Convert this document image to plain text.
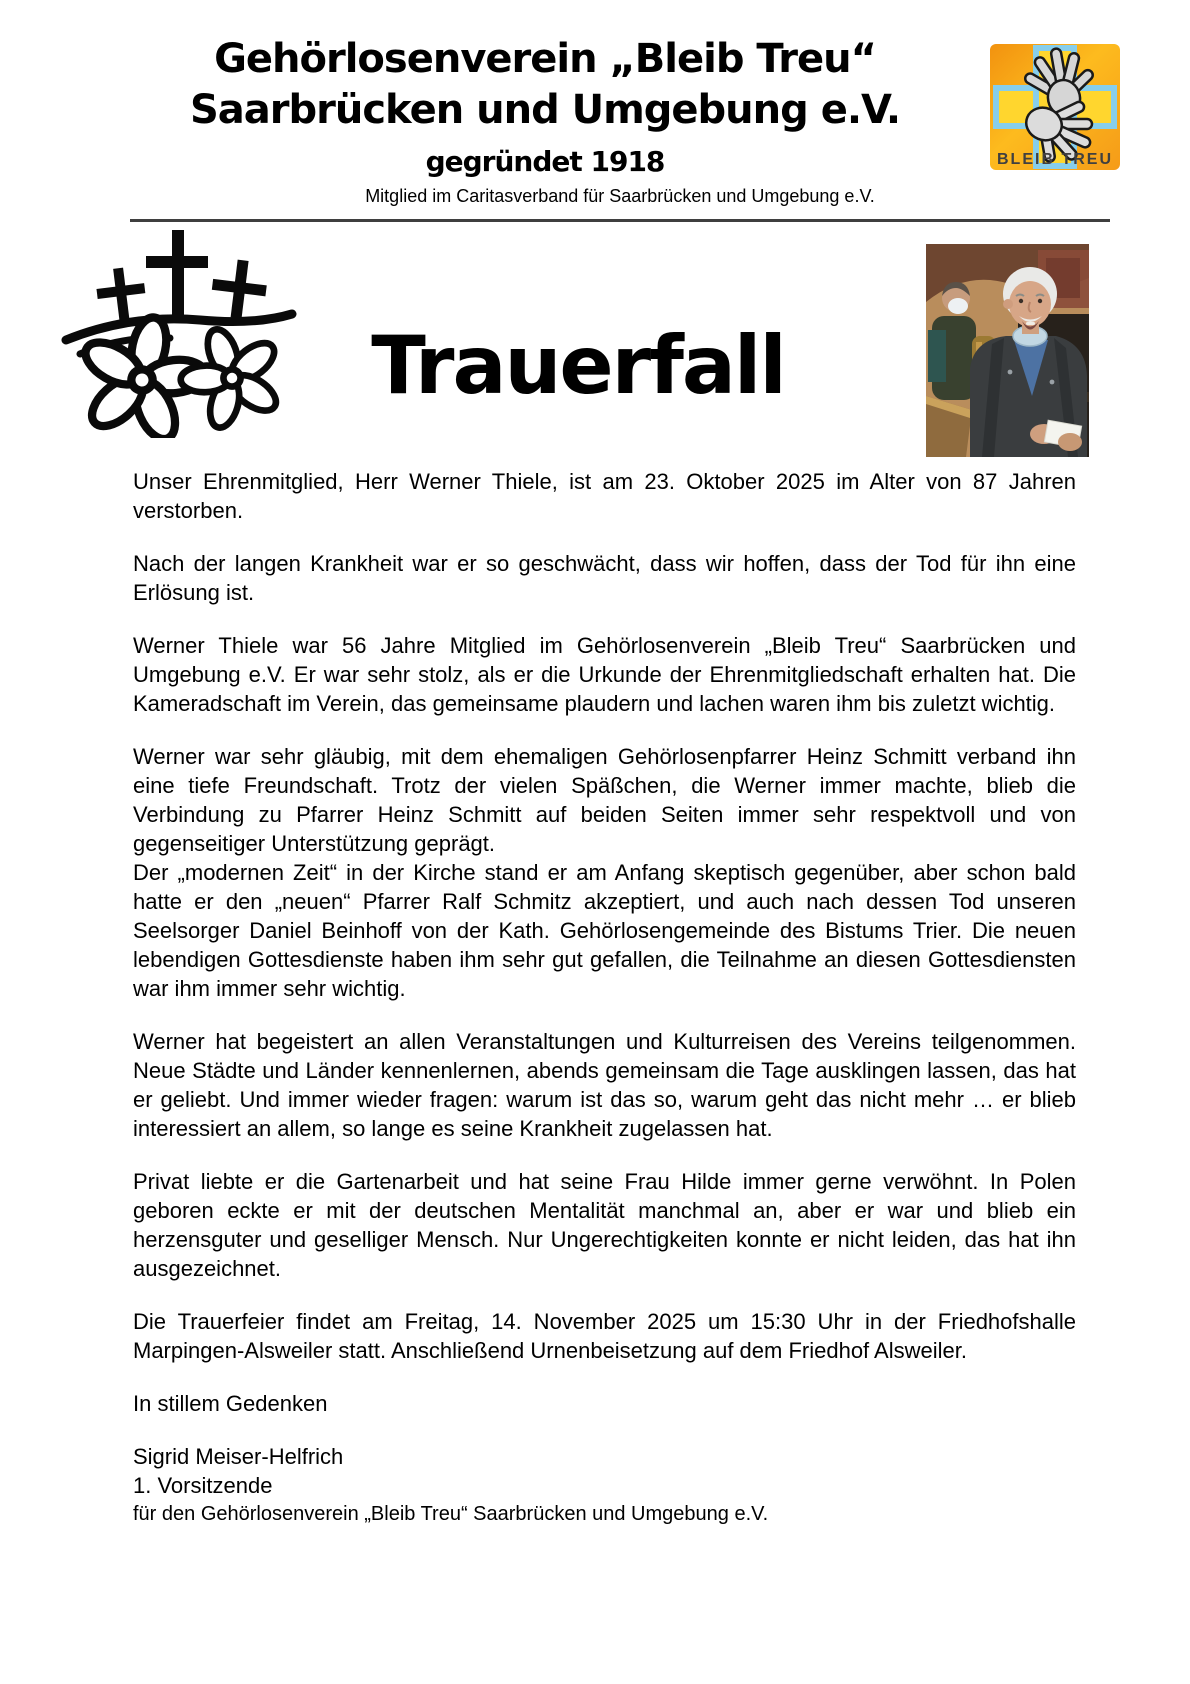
Gehörlosenverein „Bleib Treu“
Saarbrücken und Umgebung e.V.
gegründet 1918	BLEIB TREU
Mitglied im Caritasverband für Saarbrücken und Umgebung e.V.
Trauerfall

Unser Ehrenmitglied, Herr Werner Thiele, ist am 23. Oktober 2025 im Alter von 87 Jahren verstorben.

Nach der langen Krankheit war er so geschwächt, dass wir hoffen, dass der Tod für ihn eine Erlösung ist.

Werner Thiele war 56 Jahre Mitglied im Gehörlosenverein „Bleib Treu“ Saarbrücken und Umgebung e.V. Er war sehr stolz, als er die Urkunde der Ehrenmitgliedschaft erhalten hat. Die Kameradschaft im Verein, das gemeinsame plaudern und lachen waren ihm bis zuletzt wichtig.

Werner war sehr gläubig, mit dem ehemaligen Gehörlosenpfarrer Heinz Schmitt verband ihn eine tiefe Freundschaft. Trotz der vielen Späßchen, die Werner immer machte, blieb die Verbindung zu Pfarrer Heinz Schmitt auf beiden Seiten immer sehr respektvoll und von gegenseitiger Unterstützung geprägt.

Der „modernen Zeit“ in der Kirche stand er am Anfang skeptisch gegenüber, aber schon bald hatte er den „neuen“ Pfarrer Ralf Schmitz akzeptiert, und auch nach dessen Tod unseren Seelsorger Daniel Beinhoff von der Kath. Gehörlosengemeinde des Bistums Trier. Die neuen lebendigen Gottesdienste haben ihm sehr gut gefallen, die Teilnahme an diesen Gottesdiensten war ihm immer sehr wichtig.

Werner hat begeistert an allen Veranstaltungen und Kulturreisen des Vereins teilgenommen. Neue Städte und Länder kennenlernen, abends gemeinsam die Tage ausklingen lassen, das hat er geliebt. Und immer wieder fragen: warum ist das so, warum geht das nicht mehr … er blieb interessiert an allem, so lange es seine Krankheit zugelassen hat.

Privat liebte er die Gartenarbeit und hat seine Frau Hilde immer gerne verwöhnt. In Polen geboren eckte er mit der deutschen Mentalität manchmal an, aber er war und blieb ein herzensguter und geselliger Mensch. Nur Ungerechtigkeiten konnte er nicht leiden, das hat ihn ausgezeichnet.

Die Trauerfeier findet am Freitag, 14. November 2025 um 15:30 Uhr in der Friedhofshalle Marpingen-Alsweiler statt. Anschließend Urnenbeisetzung auf dem Friedhof Alsweiler.

In stillem Gedenken

Sigrid Meiser-Helfrich
1. Vorsitzende
für den Gehörlosenverein „Bleib Treu“ Saarbrücken und Umgebung e.V.
